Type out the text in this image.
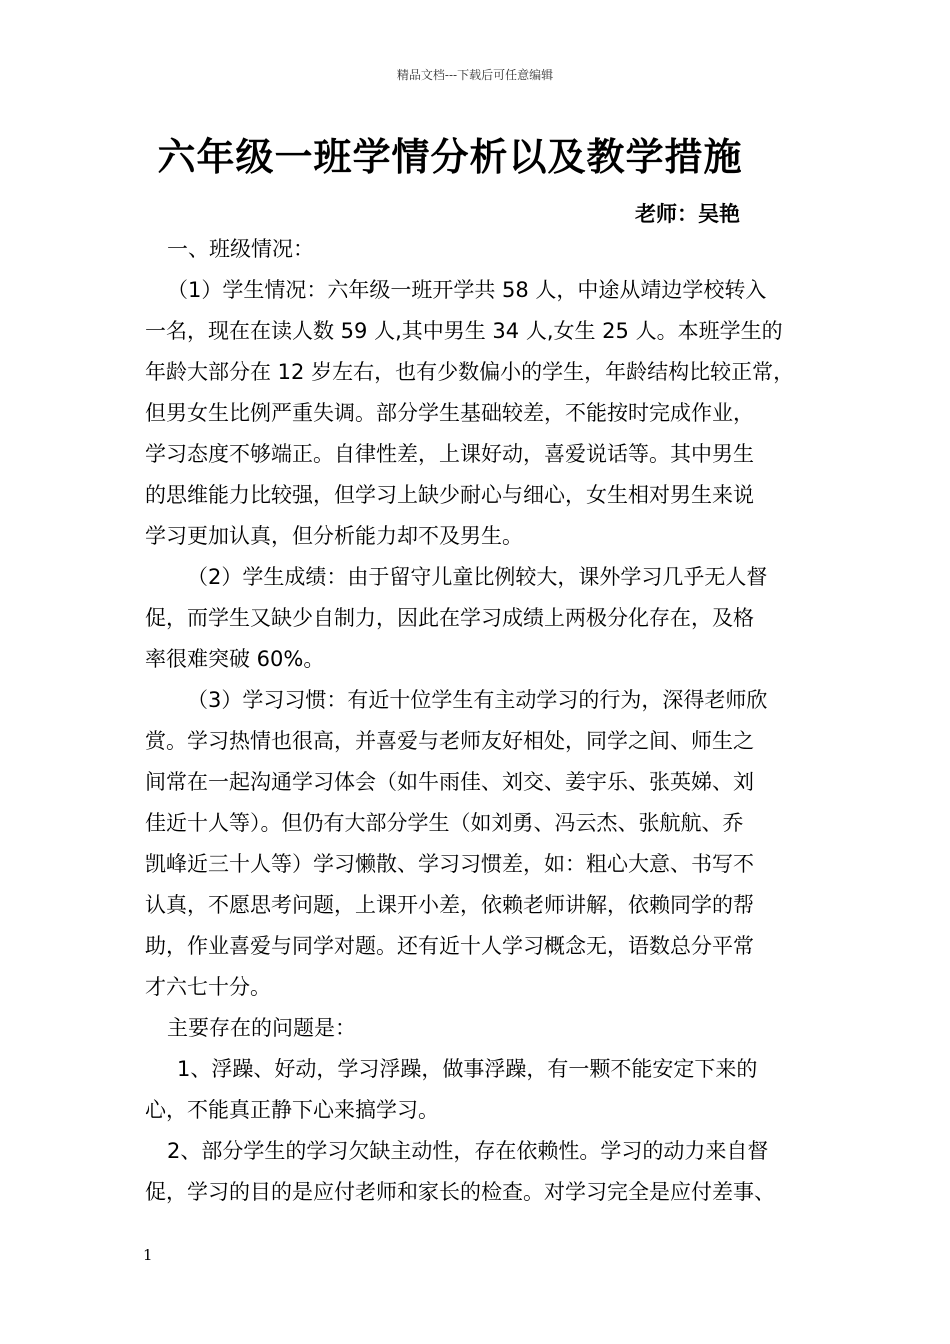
精品文档---下载后可任意编辑
六年级一班学情分析以及教学措施
老师：吴艳
一、班级情况：
（1）学生情况：六年级一班开学共 58 人，中途从靖边学校转入
一名，现在在读人数 59 人,其中男生 34 人,女生 25 人。本班学生的
年龄大部分在 12 岁左右，也有少数偏小的学生，年龄结构比较正常，
但男女生比例严重失调。部分学生基础较差，不能按时完成作业，
学习态度不够端正。自律性差，上课好动，喜爱说话等。其中男生
的思维能力比较强，但学习上缺少耐心与细心，女生相对男生来说
学习更加认真，但分析能力却不及男生。
（2）学生成绩：由于留守儿童比例较大，课外学习几乎无人督
促，而学生又缺少自制力，因此在学习成绩上两极分化存在，及格
率很难突破 60%。
（3）学习习惯：有近十位学生有主动学习的行为，深得老师欣
赏。学习热情也很高，并喜爱与老师友好相处，同学之间、师生之
间常在一起沟通学习体会（如牛雨佳、刘交、姜宇乐、张英娣、刘
佳近十人等）。但仍有大部分学生（如刘勇、冯云杰、张航航、乔
凯峰近三十人等）学习懒散、学习习惯差，如：粗心大意、书写不
认真，不愿思考问题，上课开小差，依赖老师讲解，依赖同学的帮
助，作业喜爱与同学对题。还有近十人学习概念无，语数总分平常
才六七十分。
主要存在的问题是：
1、浮躁、好动，学习浮躁，做事浮躁，有一颗不能安定下来的
心，不能真正静下心来搞学习。
2、部分学生的学习欠缺主动性，存在依赖性。学习的动力来自督
促，学习的目的是应付老师和家长的检查。对学习完全是应付差事、
1
